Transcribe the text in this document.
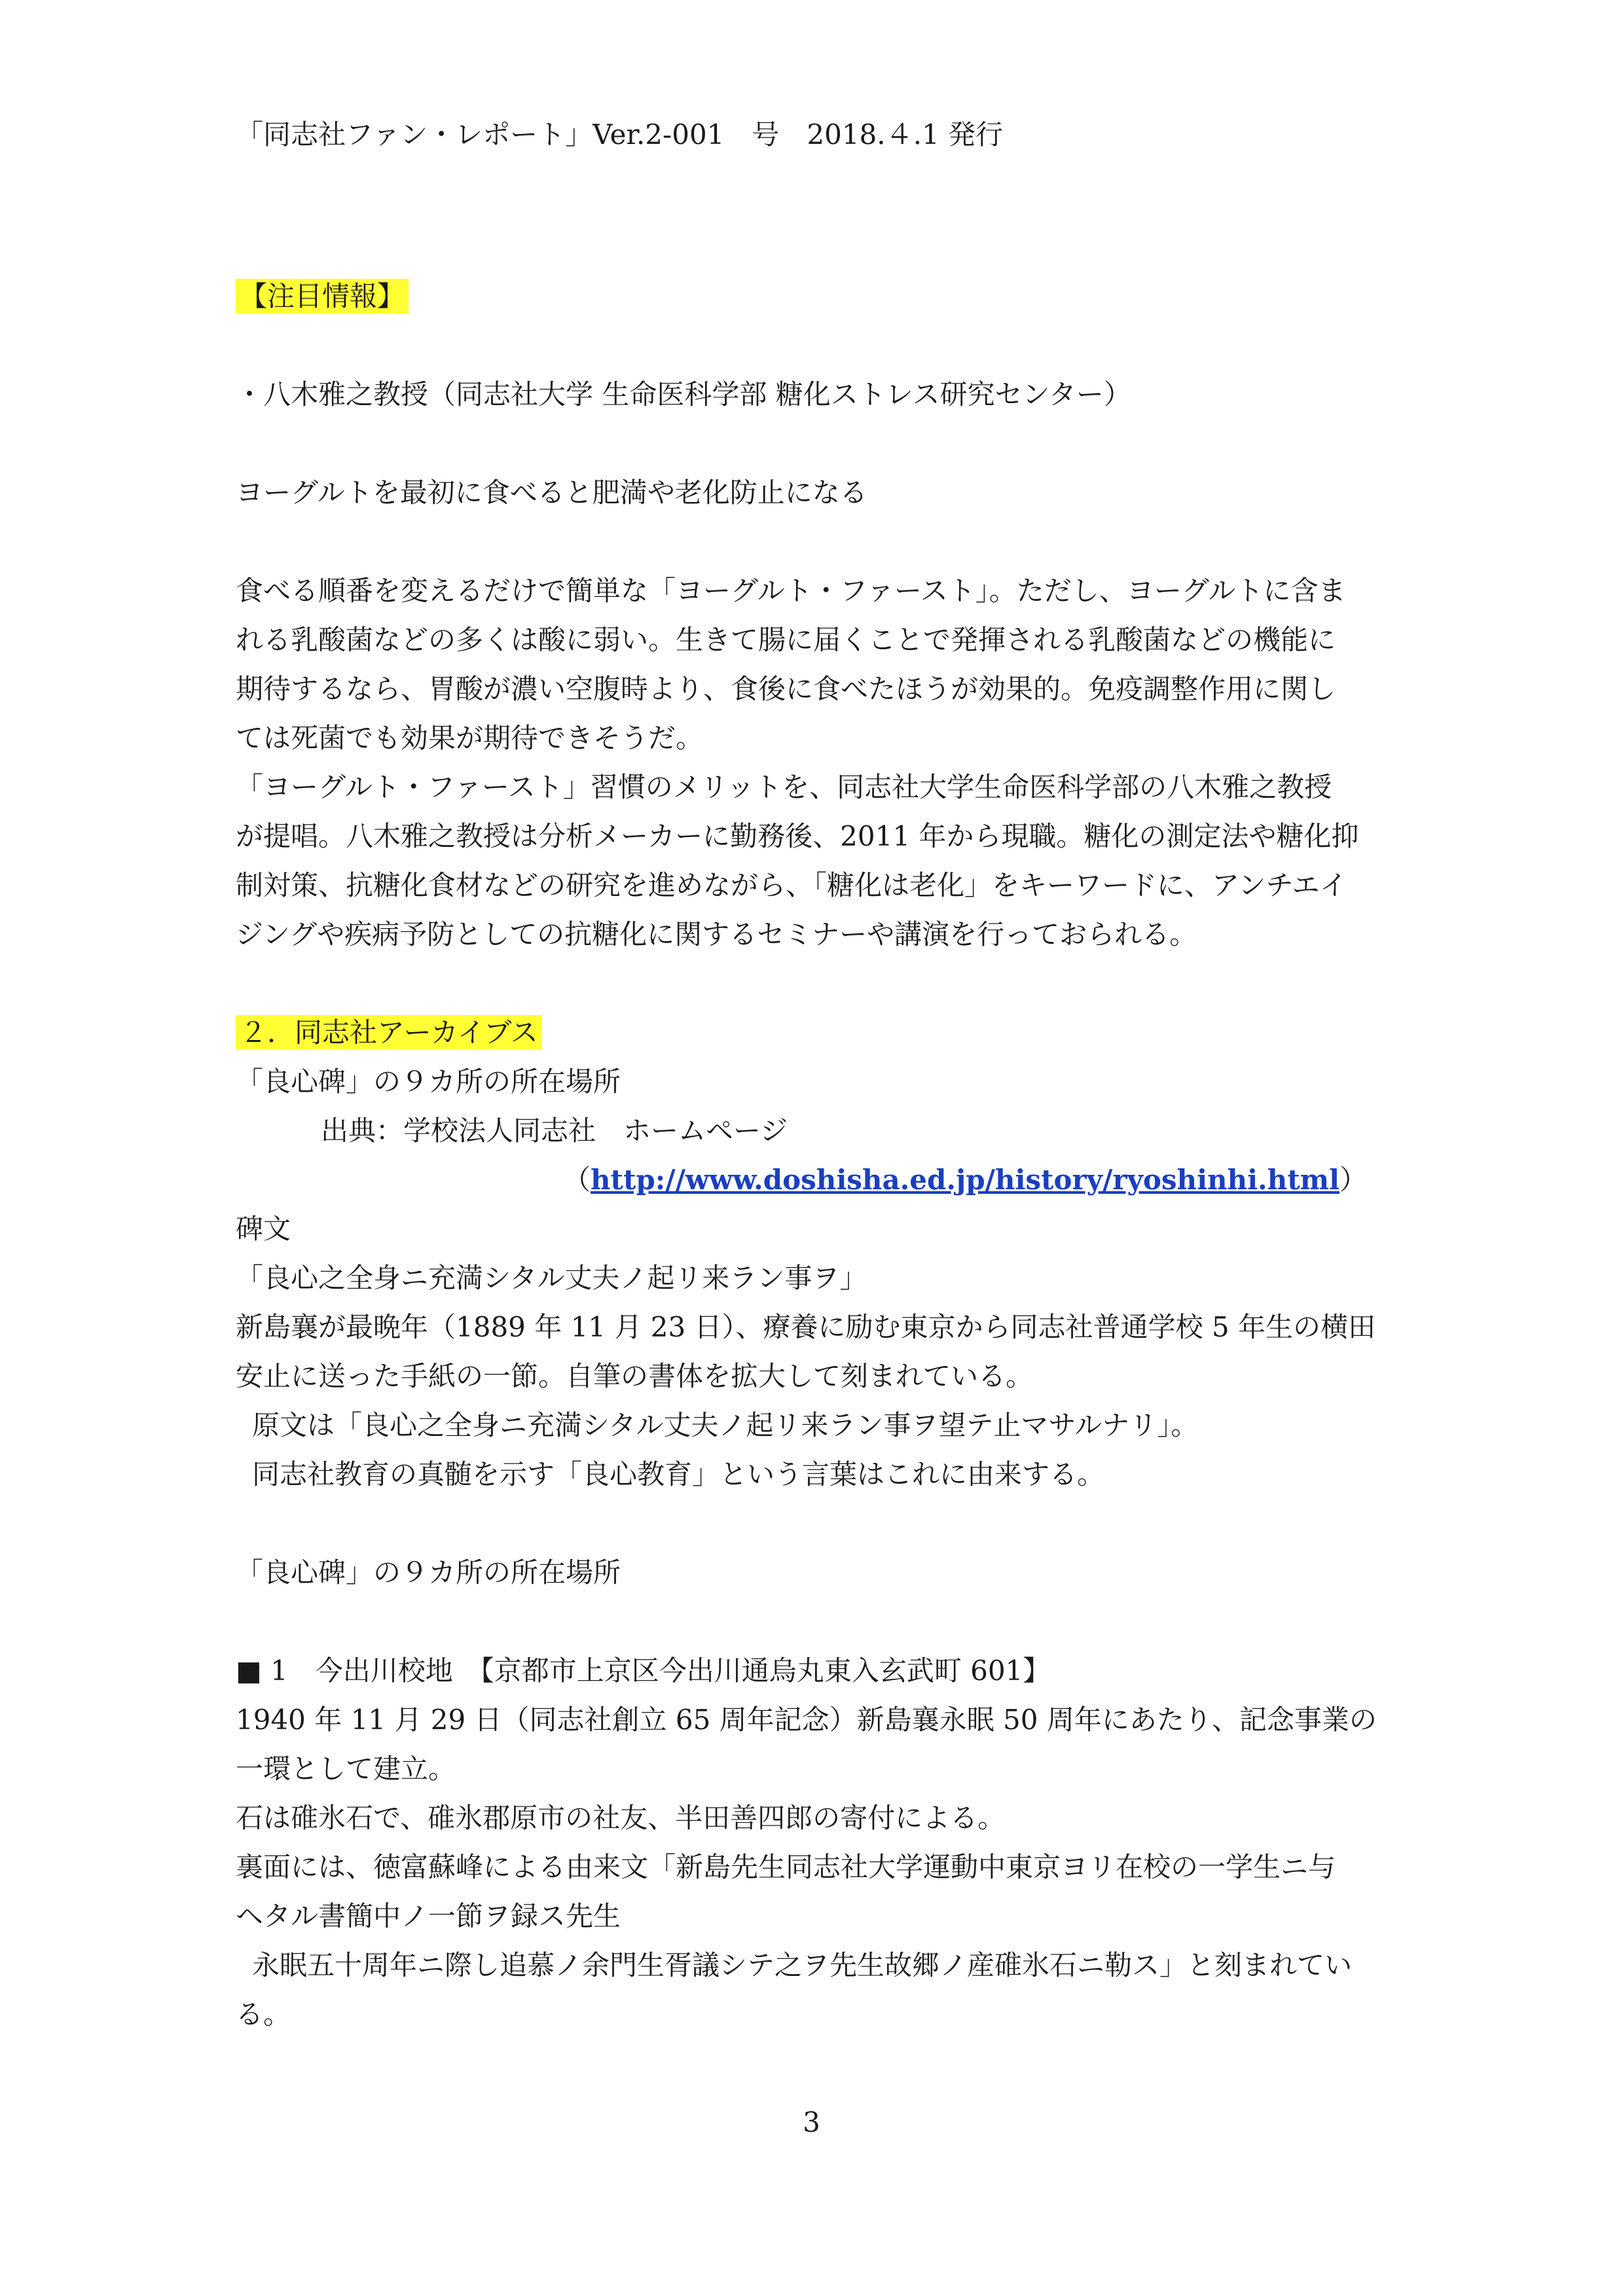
「同志社ファン・レポート」Ver.2-001　号　2018.４.1 発行
【注目情報】
・八木雅之教授（同志社大学 生命医科学部 糖化ストレス研究センター）
ヨーグルトを最初に食べると肥満や老化防止になる
食べる順番を変えるだけで簡単な「ヨーグルト・ファースト」。ただし、ヨーグルトに含ま
れる乳酸菌などの多くは酸に弱い。生きて腸に届くことで発揮される乳酸菌などの機能に
期待するなら、胃酸が濃い空腹時より、食後に食べたほうが効果的。免疫調整作用に関し
ては死菌でも効果が期待できそうだ。
「ヨーグルト・ファースト」習慣のメリットを、同志社大学生命医科学部の八木雅之教授
が提唱。八木雅之教授は分析メーカーに勤務後、2011 年から現職。糖化の測定法や糖化抑
制対策、抗糖化食材などの研究を進めながら、「糖化は老化」をキーワードに、アンチエイ
ジングや疾病予防としての抗糖化に関するセミナーや講演を行っておられる。
２．同志社アーカイブス
「良心碑」の９カ所の所在場所
出典：学校法人同志社　ホームページ
（http://www.doshisha.ed.jp/history/ryoshinhi.html）
碑文
「良心之全身ニ充満シタル丈夫ノ起リ来ラン事ヲ」
新島襄が最晩年（1889 年 11 月 23 日）、療養に励む東京から同志社普通学校 5 年生の横田
安止に送った手紙の一節。自筆の書体を拡大して刻まれている。
原文は「良心之全身ニ充満シタル丈夫ノ起リ来ラン事ヲ望テ止マサルナリ」。
同志社教育の真髄を示す「良心教育」という言葉はこれに由来する。
「良心碑」の９カ所の所在場所
■ 1　今出川校地　【京都市上京区今出川通烏丸東入玄武町 601】
1940 年 11 月 29 日（同志社創立 65 周年記念）新島襄永眠 50 周年にあたり、記念事業の
一環として建立。
石は碓氷石で、碓氷郡原市の社友、半田善四郎の寄付による。
裏面には、徳富蘇峰による由来文「新島先生同志社大学運動中東京ヨリ在校の一学生ニ与
ヘタル書簡中ノ一節ヲ録ス先生
永眠五十周年ニ際し追慕ノ余門生胥議シテ之ヲ先生故郷ノ産碓氷石ニ勒ス」と刻まれてい
る。
3
